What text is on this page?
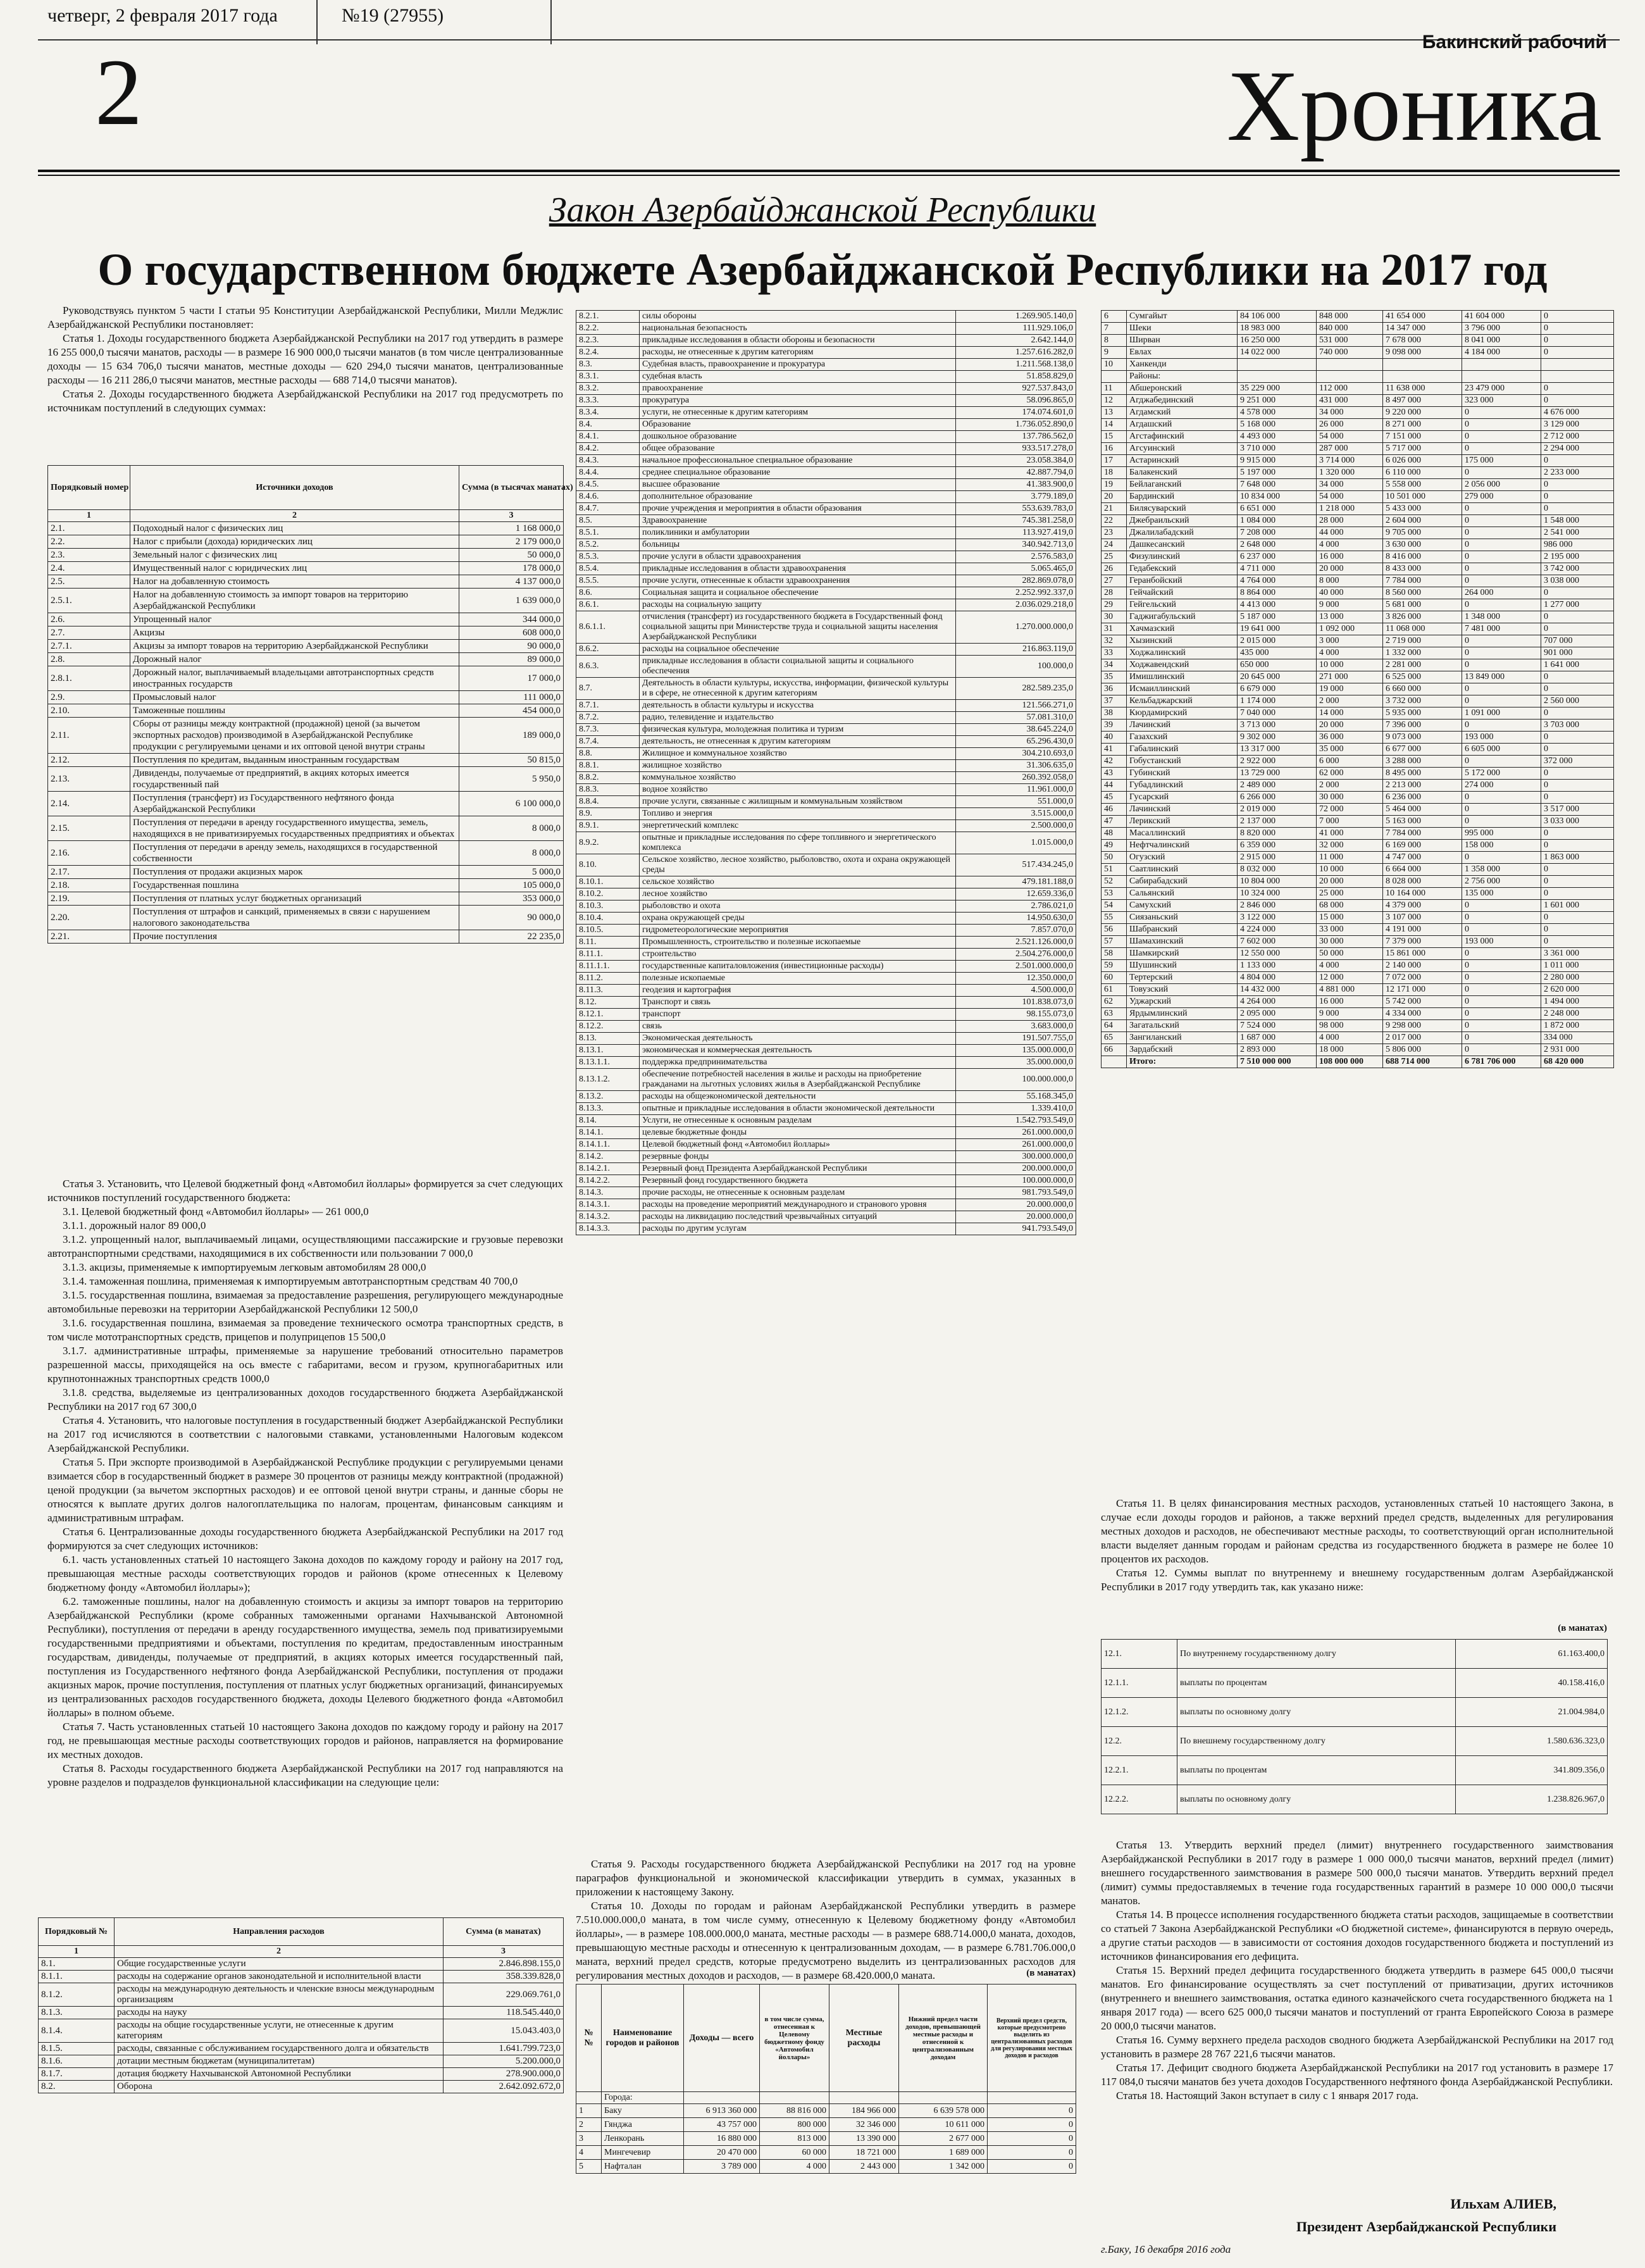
четверг, 2 февраля 2017 года	№19 (27955)
Бакинский рабочий
2	Хроника
Закон Азербайджанской Республики
О государственном бюджете Азербайджанской Республики на 2017 год

Руководствуясь пунктом 5 части I статьи 95 Конституции Азербайджанской Республики, Милли Меджлис Азербайджанской Республики постановляет:

Статья 1. Доходы государственного бюджета Азербайджанской Республики на 2017 год утвердить в размере 16 255 000,0 тысячи манатов, расходы — в размере 16 900 000,0 тысячи манатов (в том числе централизованные доходы — 15 634 706,0 тысячи манатов, местные доходы — 620 294,0 тысячи манатов, централизованные расходы — 16 211 286,0 тысячи манатов, местные расходы — 688 714,0 тысячи манатов).

Статья 2. Доходы государственного бюджета Азербайджанской Республики на 2017 год предусмотреть по источникам поступлений в следующих суммах:

Порядковый номер	Источники доходов	Сумма (в тысячах манатах)
1	2	3
2.1.	Подоходный налог с физических лиц	1 168 000,0
2.2.	Налог с прибыли (дохода) юридических лиц	2 179 000,0
2.3.	Земельный налог с физических лиц	50 000,0
2.4.	Имущественный налог с юридических лиц	178 000,0
2.5.	Налог на добавленную стоимость	4 137 000,0
2.5.1.	Налог на добавленную стоимость за импорт товаров на территорию Азербайджанской Республики	1 639 000,0
2.6.	Упрощенный налог	344 000,0
2.7.	Акцизы	608 000,0
2.7.1.	Акцизы за импорт товаров на территорию Азербайджанской Республики	90 000,0
2.8.	Дорожный налог	89 000,0
2.8.1.	Дорожный налог, выплачиваемый владельцами автотранспортных средств иностранных государств	17 000,0
2.9.	Промысловый налог	111 000,0
2.10.	Таможенные пошлины	454 000,0
2.11.	Сборы от разницы между контрактной (продажной) ценой (за вычетом экспортных расходов) производимой в Азербайджанской Республике продукции с регулируемыми ценами и их оптовой ценой внутри страны	189 000,0
2.12.	Поступления по кредитам, выданным иностранным государствам	50 815,0
2.13.	Дивиденды, получаемые от предприятий, в акциях которых имеется государственный пай	5 950,0
2.14.	Поступления (трансферт) из Государственного нефтяного фонда Азербайджанской Республики	6 100 000,0
2.15.	Поступления от передачи в аренду государственного имущества, земель, находящихся в не приватизируемых государственных предприятиях и объектах	8 000,0
2.16.	Поступления от передачи в аренду земель, находящихся в государственной собственности	8 000,0
2.17.	Поступления от продажи акцизных марок	5 000,0
2.18.	Государственная пошлина	105 000,0
2.19.	Поступления от платных услуг бюджетных организаций	353 000,0
2.20.	Поступления от штрафов и санкций, применяемых в связи с нарушением налогового законодательства	90 000,0
2.21.	Прочие поступления	22 235,0

Статья 3. Установить, что Целевой бюджетный фонд «Автомобил йоллары» формируется за счет следующих источников поступлений государственного бюджета:

3.1. Целевой бюджетный фонд «Автомобил йоллары» — 261 000,0

3.1.1. дорожный налог 89 000,0

3.1.2. упрощенный налог, выплачиваемый лицами, осуществляющими пассажирские и грузовые перевозки автотранспортными средствами, находящимися в их собственности или пользовании 7 000,0

3.1.3. акцизы, применяемые к импортируемым легковым автомобилям 28 000,0

3.1.4. таможенная пошлина, применяемая к импортируемым автотранспортным средствам 40 700,0

3.1.5. государственная пошлина, взимаемая за предоставление разрешения, регулирующего международные автомобильные перевозки на территории Азербайджанской Республики 12 500,0

3.1.6. государственная пошлина, взимаемая за проведение технического осмотра транспортных средств, в том числе мототранспортных средств, прицепов и полуприцепов 15 500,0

3.1.7. административные штрафы, применяемые за нарушение требований относительно параметров разрешенной массы, приходящейся на ось вместе с габаритами, весом и грузом, крупногабаритных или крупнотоннажных транспортных средств 1000,0

3.1.8. средства, выделяемые из централизованных доходов государственного бюджета Азербайджанской Республики на 2017 год 67 300,0

Статья 4. Установить, что налоговые поступления в государственный бюджет Азербайджанской Республики на 2017 год исчисляются в соответствии с налоговыми ставками, установленными Налоговым кодексом Азербайджанской Республики.

Статья 5. При экспорте производимой в Азербайджанской Республике продукции с регулируемыми ценами взимается сбор в государственный бюджет в размере 30 процентов от разницы между контрактной (продажной) ценой продукции (за вычетом экспортных расходов) и ее оптовой ценой внутри страны, и данные сборы не относятся к выплате других долгов налогоплательщика по налогам, процентам, финансовым санкциям и административным штрафам.

Статья 6. Централизованные доходы государственного бюджета Азербайджанской Республики на 2017 год формируются за счет следующих источников:

6.1. часть установленных статьей 10 настоящего Закона доходов по каждому городу и району на 2017 год, превышающая местные расходы соответствующих городов и районов (кроме отнесенных к Целевому бюджетному фонду «Автомобил йоллары»);

6.2. таможенные пошлины, налог на добавленную стоимость и акцизы за импорт товаров на территорию Азербайджанской Республики (кроме собранных таможенными органами Нахчыванской Автономной Республики), поступления от передачи в аренду государственного имущества, земель под приватизируемыми государственными предприятиями и объектами, поступления по кредитам, предоставленным иностранным государствам, дивиденды, получаемые от предприятий, в акциях которых имеется государственный пай, поступления из Государственного нефтяного фонда Азербайджанской Республики, поступления от продажи акцизных марок, прочие поступления, поступления от платных услуг бюджетных организаций, финансируемых из централизованных расходов государственного бюджета, доходы Целевого бюджетного фонда «Автомобил йоллары» в полном объеме.

Статья 7. Часть установленных статьей 10 настоящего Закона доходов по каждому городу и району на 2017 год, не превышающая местные расходы соответствующих городов и районов, направляется на формирование их местных доходов.

Статья 8. Расходы государственного бюджета Азербайджанской Республики на 2017 год направляются на уровне разделов и подразделов функциональной классификации на следующие цели:

Порядковый №	Направления расходов	Сумма (в манатах)
1	2	3
8.1.	Общие государственные услуги	2.846.898.155,0
8.1.1.	расходы на содержание органов законодательной и исполнительной власти	358.339.828,0
8.1.2.	расходы на международную деятельность и членские взносы международным организациям	229.069.761,0
8.1.3.	расходы на науку	118.545.440,0
8.1.4.	расходы на общие государственные услуги, не отнесенные к другим категориям	15.043.403,0
8.1.5.	расходы, связанные с обслуживанием государственного долга и обязательств	1.641.799.723,0
8.1.6.	дотации местным бюджетам (муниципалитетам)	5.200.000,0
8.1.7.	дотация бюджету Нахчыванской Автономной Республики	278.900.000,0
8.2.	Оборона	2.642.092.672,0
8.2.1.	силы обороны	1.269.905.140,0
8.2.2.	национальная безопасность	111.929.106,0
8.2.3.	прикладные исследования в области обороны и безопасности	2.642.144,0
8.2.4.	расходы, не отнесенные к другим категориям	1.257.616.282,0
8.3.	Судебная власть, правоохранение и прокуратура	1.211.568.138,0
8.3.1.	судебная власть	51.858.829,0
8.3.2.	правоохранение	927.537.843,0
8.3.3.	прокуратура	58.096.865,0
8.3.4.	услуги, не отнесенные к другим категориям	174.074.601,0
8.4.	Образование	1.736.052.890,0
8.4.1.	дошкольное образование	137.786.562,0
8.4.2.	общее образование	933.517.278,0
8.4.3.	начальное профессиональное специальное образование	23.058.384,0
8.4.4.	среднее специальное образование	42.887.794,0
8.4.5.	высшее образование	41.383.900,0
8.4.6.	дополнительное образование	3.779.189,0
8.4.7.	прочие учреждения и мероприятия в области образования	553.639.783,0
8.5.	Здравоохранение	745.381.258,0
8.5.1.	поликлиники и амбулатории	113.927.419,0
8.5.2.	больницы	340.942.713,0
8.5.3.	прочие услуги в области здравоохранения	2.576.583,0
8.5.4.	прикладные исследования в области здравоохранения	5.065.465,0
8.5.5.	прочие услуги, отнесенные к области здравоохранения	282.869.078,0
8.6.	Социальная защита и социальное обеспечение	2.252.992.337,0
8.6.1.	расходы на социальную защиту	2.036.029.218,0
8.6.1.1.	отчисления (трансферт) из государственного бюджета в Государственный фонд социальной защиты при Министерстве труда и социальной защиты населения Азербайджанской Республики	1.270.000.000,0
8.6.2.	расходы на социальное обеспечение	216.863.119,0
8.6.3.	прикладные исследования в области социальной защиты и социального обеспечения	100.000,0
8.7.	Деятельность в области культуры, искусства, информации, физической культуры и в сфере, не отнесенной к другим категориям	282.589.235,0
8.7.1.	деятельность в области культуры и искусства	121.566.271,0
8.7.2.	радио, телевидение и издательство	57.081.310,0
8.7.3.	физическая культура, молодежная политика и туризм	38.645.224,0
8.7.4.	деятельность, не отнесенная к другим категориям	65.296.430,0
8.8.	Жилищное и коммунальное хозяйство	304.210.693,0
8.8.1.	жилищное хозяйство	31.306.635,0
8.8.2.	коммунальное хозяйство	260.392.058,0
8.8.3.	водное хозяйство	11.961.000,0
8.8.4.	прочие услуги, связанные с жилищным и коммунальным хозяйством	551.000,0
8.9.	Топливо и энергия	3.515.000,0
8.9.1.	энергетический комплекс	2.500.000,0
8.9.2.	опытные и прикладные исследования по сфере топливного и энергетического комплекса	1.015.000,0
8.10.	Сельское хозяйство, лесное хозяйство, рыболовство, охота и охрана окружающей среды	517.434.245,0
8.10.1.	сельское хозяйство	479.181.188,0
8.10.2.	лесное хозяйство	12.659.336,0
8.10.3.	рыболовство и охота	2.786.021,0
8.10.4.	охрана окружающей среды	14.950.630,0
8.10.5.	гидрометеорологические мероприятия	7.857.070,0
8.11.	Промышленность, строительство и полезные ископаемые	2.521.126.000,0
8.11.1.	строительство	2.504.276.000,0
8.11.1.1.	государственные капиталовложения (инвестиционные расходы)	2.501.000.000,0
8.11.2.	полезные ископаемые	12.350.000,0
8.11.3.	геодезия и картография	4.500.000,0
8.12.	Транспорт и связь	101.838.073,0
8.12.1.	транспорт	98.155.073,0
8.12.2.	связь	3.683.000,0
8.13.	Экономическая деятельность	191.507.755,0
8.13.1.	экономическая и коммерческая деятельность	135.000.000,0
8.13.1.1.	поддержка предпринимательства	35.000.000,0
8.13.1.2.	обеспечение потребностей населения в жилье и расходы на приобретение гражданами на льготных условиях жилья в Азербайджанской Республике	100.000.000,0
8.13.2.	расходы на общеэкономической деятельности	55.168.345,0
8.13.3.	опытные и прикладные исследования в области экономической деятельности	1.339.410,0
8.14.	Услуги, не отнесенные к основным разделам	1.542.793.549,0
8.14.1.	целевые бюджетные фонды	261.000.000,0
8.14.1.1.	Целевой бюджетный фонд «Автомобил йоллары»	261.000.000,0
8.14.2.	резервные фонды	300.000.000,0
8.14.2.1.	Резервный фонд Президента Азербайджанской Республики	200.000.000,0
8.14.2.2.	Резервный фонд государственного бюджета	100.000.000,0
8.14.3.	прочие расходы, не отнесенные к основным разделам	981.793.549,0
8.14.3.1.	расходы на проведение мероприятий международного и странового уровня	20.000.000,0
8.14.3.2.	расходы на ликвидацию последствий чрезвычайных ситуаций	20.000.000,0
8.14.3.3.	расходы по другим услугам	941.793.549,0

Статья 9. Расходы государственного бюджета Азербайджанской Республики на 2017 год на уровне параграфов функциональной и экономической классификации утвердить в суммах, указанных в приложении к настоящему Закону.

Статья 10. Доходы по городам и районам Азербайджанской Республики утвердить в размере 7.510.000.000,0 маната, в том числе сумму, отнесенную к Целевому бюджетному фонду «Автомобил йоллары», — в размере 108.000.000,0 маната, местные расходы — в размере 688.714.000,0 маната, доходов, превышающую местные расходы и отнесенную к централизованным доходам, — в размере 6.781.706.000,0 маната, верхний предел средств, которые предусмотрено выделить из централизованных расходов для регулирования местных доходов и расходов, — в размере 68.420.000,0 маната.	(в манатах)
№ №	Наименование городов и районов	Доходы — всего	в том числе сумма, отнесенная к Целевому бюджетному фонду «Автомобил йоллары»	Местные расходы	Нижний предел части доходов, превышающей местные расходы и отнесенной к централизованным доходам	Верхний предел средств, которые предусмотрено выделить из централизованных расходов для регулирования местных доходов и расходов
	Города:					
1	Баку	6 913 360 000	88 816 000	184 966 000	6 639 578 000	0
2	Гянджа	43 757 000	800 000	32 346 000	10 611 000	0
3	Ленкорань	16 880 000	813 000	13 390 000	2 677 000	0
4	Мингечевир	20 470 000	60 000	18 721 000	1 689 000	0
5	Нафталан	3 789 000	4 000	2 443 000	1 342 000	0
6	Сумгайыт	84 106 000	848 000	41 654 000	41 604 000	0
7	Шеки	18 983 000	840 000	14 347 000	3 796 000	0
8	Ширван	16 250 000	531 000	7 678 000	8 041 000	0
9	Евлах	14 022 000	740 000	9 098 000	4 184 000	0
10	Ханкенди					
	Районы:					
11	Абшеронский	35 229 000	112 000	11 638 000	23 479 000	0
12	Агджабединский	9 251 000	431 000	8 497 000	323 000	0
13	Агдамский	4 578 000	34 000	9 220 000	0	4 676 000
14	Агдашский	5 168 000	26 000	8 271 000	0	3 129 000
15	Агстафинский	4 493 000	54 000	7 151 000	0	2 712 000
16	Агсуинский	3 710 000	287 000	5 717 000	0	2 294 000
17	Астаринский	9 915 000	3 714 000	6 026 000	175 000	0
18	Балакенский	5 197 000	1 320 000	6 110 000	0	2 233 000
19	Бейлаганский	7 648 000	34 000	5 558 000	2 056 000	0
20	Бардинский	10 834 000	54 000	10 501 000	279 000	0
21	Билясуварский	6 651 000	1 218 000	5 433 000	0	0
22	Джебраильский	1 084 000	28 000	2 604 000	0	1 548 000
23	Джалилабадский	7 208 000	44 000	9 705 000	0	2 541 000
24	Дашкесанский	2 648 000	4 000	3 630 000	0	986 000
25	Физулинский	6 237 000	16 000	8 416 000	0	2 195 000
26	Гедабекский	4 711 000	20 000	8 433 000	0	3 742 000
27	Геранбойский	4 764 000	8 000	7 784 000	0	3 038 000
28	Гейчайский	8 864 000	40 000	8 560 000	264 000	0
29	Гейгельский	4 413 000	9 000	5 681 000	0	1 277 000
30	Гаджигабульский	5 187 000	13 000	3 826 000	1 348 000	0
31	Хачмазский	19 641 000	1 092 000	11 068 000	7 481 000	0
32	Хызинский	2 015 000	3 000	2 719 000	0	707 000
33	Ходжалинский	435 000	4 000	1 332 000	0	901 000
34	Ходжавендский	650 000	10 000	2 281 000	0	1 641 000
35	Имишлинский	20 645 000	271 000	6 525 000	13 849 000	0
36	Исмаиллинский	6 679 000	19 000	6 660 000	0	0
37	Кельбаджарский	1 174 000	2 000	3 732 000	0	2 560 000
38	Кюрдамирский	7 040 000	14 000	5 935 000	1 091 000	0
39	Лачинский	3 713 000	20 000	7 396 000	0	3 703 000
40	Газахский	9 302 000	36 000	9 073 000	193 000	0
41	Габалинский	13 317 000	35 000	6 677 000	6 605 000	0
42	Гобустанский	2 922 000	6 000	3 288 000	0	372 000
43	Губинский	13 729 000	62 000	8 495 000	5 172 000	0
44	Губадлинский	2 489 000	2 000	2 213 000	274 000	0
45	Гусарский	6 266 000	30 000	6 236 000	0	0
46	Лачинский	2 019 000	72 000	5 464 000	0	3 517 000
47	Лерикский	2 137 000	7 000	5 163 000	0	3 033 000
48	Масаллинский	8 820 000	41 000	7 784 000	995 000	0
49	Нефтчалинский	6 359 000	32 000	6 169 000	158 000	0
50	Огузский	2 915 000	11 000	4 747 000	0	1 863 000
51	Саатлинский	8 032 000	10 000	6 664 000	1 358 000	0
52	Сабирабадский	10 804 000	20 000	8 028 000	2 756 000	0
53	Сальянский	10 324 000	25 000	10 164 000	135 000	0
54	Самухский	2 846 000	68 000	4 379 000	0	1 601 000
55	Сиязаньский	3 122 000	15 000	3 107 000	0	0
56	Шабранский	4 224 000	33 000	4 191 000	0	0
57	Шамахинский	7 602 000	30 000	7 379 000	193 000	0
58	Шамкирский	12 550 000	50 000	15 861 000	0	3 361 000
59	Шушинский	1 133 000	4 000	2 140 000	0	1 011 000
60	Тертерский	4 804 000	12 000	7 072 000	0	2 280 000
61	Товузский	14 432 000	4 881 000	12 171 000	0	2 620 000
62	Уджарский	4 264 000	16 000	5 742 000	0	1 494 000
63	Ярдымлинский	2 095 000	9 000	4 334 000	0	2 248 000
64	Загатальский	7 524 000	98 000	9 298 000	0	1 872 000
65	Зангиланский	1 687 000	4 000	2 017 000	0	334 000
66	Зардабский	2 893 000	18 000	5 806 000	0	2 931 000
	Итого:	7 510 000 000	108 000 000	688 714 000	6 781 706 000	68 420 000

Статья 11. В целях финансирования местных расходов, установленных статьей 10 настоящего Закона, в случае если доходы городов и районов, а также верхний предел средств, выделенных для регулирования местных доходов и расходов, не обеспечивают местные расходы, то соответствующий орган исполнительной власти выделяет данным городам и районам средства из государственного бюджета в размере не более 10 процентов их расходов.

Статья 12. Суммы выплат по внутреннему и внешнему государственным долгам Азербайджанской Республики в 2017 году утвердить так, как указано ниже:

(в манатах)
12.1.	По внутреннему государственному долгу	61.163.400,0
12.1.1.	выплаты по процентам	40.158.416,0
12.1.2.	выплаты по основному долгу	21.004.984,0
12.2.	По внешнему государственному долгу	1.580.636.323,0
12.2.1.	выплаты по процентам	341.809.356,0
12.2.2.	выплаты по основному долгу	1.238.826.967,0

Статья 13. Утвердить верхний предел (лимит) внутреннего государственного заимствования Азербайджанской Республики в 2017 году в размере 1 000 000,0 тысячи манатов, верхний предел (лимит) внешнего государственного заимствования в размере 500 000,0 тысячи манатов. Утвердить верхний предел (лимит) суммы предоставляемых в течение года государственных гарантий в размере 10 000 000,0 тысячи манатов.

Статья 14. В процессе исполнения государственного бюджета статьи расходов, защищаемые в соответствии со статьей 7 Закона Азербайджанской Республики «О бюджетной системе», финансируются в первую очередь, а другие статьи расходов — в зависимости от состояния доходов государственного бюджета и поступлений из источников финансирования его дефицита.

Статья 15. Верхний предел дефицита государственного бюджета утвердить в размере 645 000,0 тысячи манатов. Его финансирование осуществлять за счет поступлений от приватизации, других источников (внутреннего и внешнего заимствования, остатка единого казначейского счета государственного бюджета на 1 января 2017 года) — всего 625 000,0 тысячи манатов и поступлений от гранта Европейского Союза в размере 20 000,0 тысячи манатов.

Статья 16. Сумму верхнего предела расходов сводного бюджета Азербайджанской Республики на 2017 год установить в размере 28 767 221,6 тысячи манатов.

Статья 17. Дефицит сводного бюджета Азербайджанской Республики на 2017 год установить в размере 17 117 084,0 тысячи манатов без учета доходов Государственного нефтяного фонда Азербайджанской Республики.

Статья 18. Настоящий Закон вступает в силу с 1 января 2017 года.

Ильхам АЛИЕВ,
Президент Азербайджанской Республики
г.Баку, 16 декабря 2016 года
